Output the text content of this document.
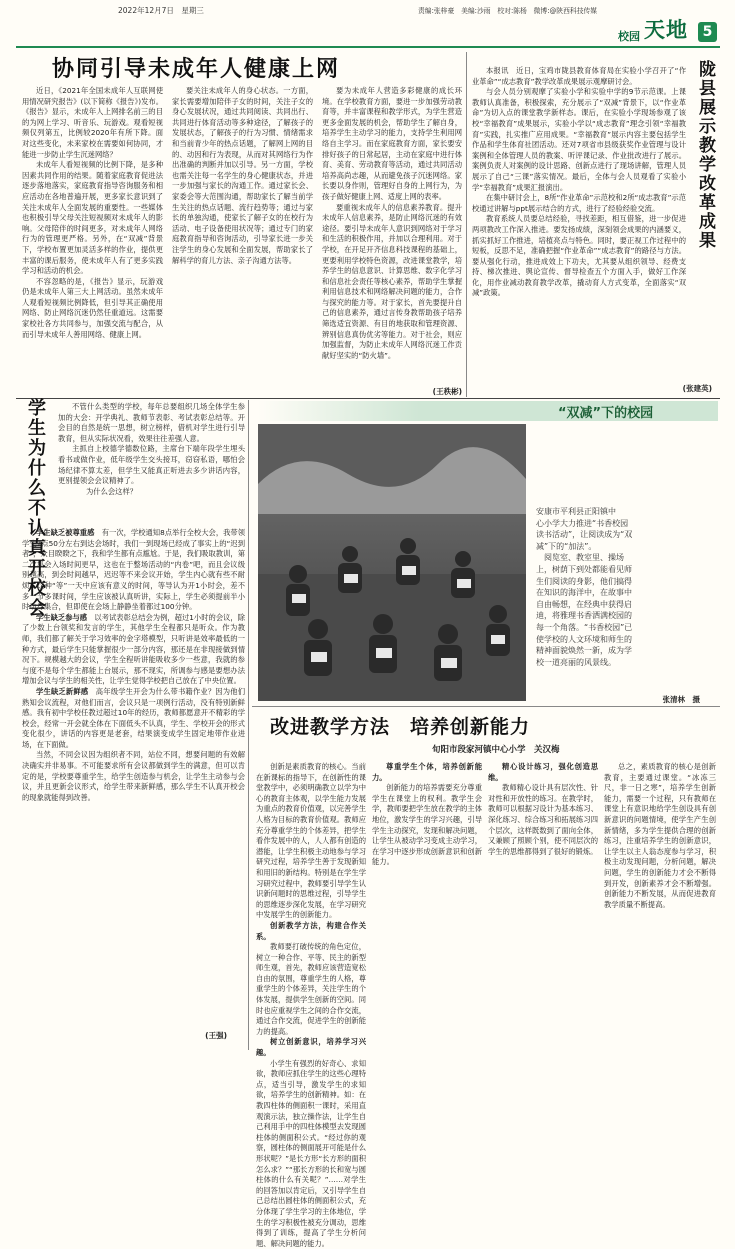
2022年12月7日　星期三	责编:张梓豪　美编:沙雨　校对:陈杨　微博:@陕西科技传媒
校园 天地	5
协同引导未成年人健康上网

近日，《2021年全国未成年人互联网使用情况研究报告》(以下简称《报告》)发布。《报告》显示，未成年人上网排名前三的目的为网上学习、听音乐、玩游戏。观看短视频仅列第五，比例较2020年有所下降。面对这些变化，未来家校在需要如何协同，才能进一步防止学生沉迷网络？

未成年人看短视频的比例下降，是多种因素共同作用的结果。随着家庭教育促进法逐步落地落实，家庭教育指导咨询服务和相应活动在各地普遍开展，更多家长意识到了关注未成年人全面发展的重要性。一些媒体也积极引导父母关注短视频对未成年人的影响。父母陪伴的时间更多，对未成年人网络行为的管理更严格。另外，在“双减”背景下，学校布置更加灵活多样的作业，提供更丰富的课后服务，使未成年人有了更多实践学习和活动的机会。

不容忽略的是，《报告》显示，玩游戏仍是未成年人第三大上网活动。虽然未成年人观看短视频比例降低，但引导其正确使用网络、防止网络沉迷仍然任重道远。这需要家校社各方共同参与，加强交流与配合，从而引导未成年人善用网络、健康上网。

要关注未成年人的身心状态。一方面，家长需要增加陪伴子女的时间，关注子女的身心发展状况，通过共同阅读、共同出行、共同进行体育活动等多种途径，了解孩子的发展状态，了解孩子的行为习惯、情绪需求和当前青少年的热点话题，了解网上网的目的、动因和行为表现，从而对其网络行为作出准确的判断并加以引导。另一方面，学校也需关注每一名学生的身心健康状态，并进一步加强与家长的沟通工作。通过家长会、家委会等大范围沟通，帮助家长了解当前学生关注的热点话题、流行趋势等；通过与家长的单独沟通，使家长了解子女的在校行为活动、电子设备使用状况等；通过专门的家庭教育指导和咨询活动，引导家长进一步关注学生的身心发展和全面发展，帮助家长了解科学的育儿方法、亲子沟通方法等。

要为未成年人营造多彩健康的成长环境。在学校教育方面，要进一步加强劳动教育等，并丰富课程和教学形式，为学生营造更多金面发展的机会，帮助学生了解自身，培养学生主动学习的能力，支持学生利用网络自主学习。而在家庭教育方面，家长要安排好孩子的日常起居，主动在家庭中进行体育、美育、劳动教育等活动，通过共同活动培养高尚志趣，从而避免孩子沉迷网络。家长要以身作则，管理好自身的上网行为，为孩子做好健康上网、适度上网的表率。

要重视未成年人的信息素养教育。提升未成年人信息素养，是防止网络沉迷的有效途径。要引导未成年人意识到网络对于学习和生活的积极作用，并加以合理利用。对于学校，在开足开齐信息科技课程的基础上，更要利用学校特色资源，改进课堂教学，培养学生的信息意识、计算思维、数字化学习和信息社会责任等核心素养，帮助学生掌握利用信息技术和网络解决问题的能力，合作与探究的能力等。对于家长，首先要提升自己的信息素养，通过言传身教帮助孩子培养筛选适宜资源、有目的地获取和管理资源、辨别信息真伪优劣等能力。对于社会，则应加强监督，为防止未成年人网络沉迷工作贡献好坚实的“防火墙”。

(王秩彬)
陇县展示教学改革成果

本报讯　近日，宝鸡市陇县教育体育局在实验小学召开了“作业革命”“成志教育”教学改革成果展示观摩研讨会。

与会人员分别观摩了实验小学和实验中学的9节示范课。上课教师认真准备，积极探索，充分展示了“双减”背景下，以“作业革命”为切入点的课堂教学新样态。课后，在实验小学现场参观了该校“幸福教育”成果展示，实验小学以“成志教育”理念引领“幸福教育”实践，扎实推广应用成果。“幸福教育”展示内容主要包括学生作品和学生体育社团活动。还对7项省市县级获奖作业管理与设计案例和全体管理人员的教案、听评课记录、作业批改进行了展示。案例负责人对案例的设计思路、创新点进行了现场讲解，管理人员展示了自己“三课”落实情况。最后，全体与会人员观看了实验小学“幸福教育”成果汇报演出。

在集中研讨会上，8所“作业革命”示范校和2所“成志教育”示范校通过讲解与ppt展示结合的方式，进行了经验经验交流。

教育系统人员要总结经验，寻找差距，相互借鉴，进一步促进两项教改工作深入推进。要发扬成绩，深刻领会成果的内涵要义，抓实抓好工作推进，培植亮点与特色。同时，要正视工作过程中的短板，反思不足，准确把握“作业革命”“成志教育”的路径与方法。要从强化行动，推进成效上下功夫，尤其要从组织领导、经费支持、梯次推进、舆论宣传、督导检查五个方面入手，做好工作深化，用作业减动教育教学改革，撬动育人方式变革，全面落实“双减”政策。

(张建英)
学生为什么不认真开校会	不管什么类型的学校，每年总要组织几场全体学生参加的大会：开学典礼、教师节表彰、考试表彰总结等。开会目的自然是统一思想，树立榜样，借机对学生进行引导教育，但从实际状况看，效果往往差强人意。

主抓自上校德学德数位路，主席台下端年段学生埋头看书或做作业，低年级学生交头接耳，窃窃私语，哪怕会场纪律不算太差，但学生又能真正听进去多少讲话内容，更别提领会会议精神了。

为什么会这样？

学生缺乏被尊重感　 有一次，学校通知8点举行全校大会，我带领学生7点50分左右到达会场时，我们一到现场已经成了事实上的“迟到者”，众目睽睽之下，我和学生都有点尴尬。于是，我们吸取教训，第二次集会入场时间更早，这也在于整场活动的“内卷”吧，而且会议级别越高，到会时间越早，迟迟等不来会议开始，学生内心就有些不耐烦，这种“等”一天中应该有意义的时间，等导认为开1小时会，差不多一节多课时间，学生应该被认真听讲，实际上，学生必须提前半小时动身集合，但即使在会场上静静坐着都过100分钟。

学生缺乏参与感　 以考试表彰总结会为例，超过1小时的会议，除了少数上台领奖和发言的学生，其他学生全程都只是听众。作为教师，我们都了解关于学习效率的金字塔模型，只听讲是效率最低的一种方式，最后学生只能掌握很少一部分内容，那还是在非现接做到情况下。规模越大的会议，学生全程听讲能吸收多少一些意，我就的参与度不是每个学生都能上台展示，那不现实，所调参与感是要想办法增加会议与学生的相关性，让学生觉得学校把自己放在了中央位置。

学生缺乏新鲜感　 高年级学生开会为什么带书籍作业？因为他们熟知会议流程，对他们而言，会议只是一项例行活动，没有特别新鲜感。我有初中学校任教过超过10年的经历，教师都愿意开不精彩的学校会，经常一开会就全体在下面低头不认真，学生、学校开会的形式变化很少，讲话的内容更是老套，结果演变成学生固定地带作业进场，在下面做。

当然，不同会议因为组织者不同，站位不同，想要问题的有效解决确实并非易事。不可能要求所有会议都做到学生的满意，但可以肯定的是，学校要尊重学生，给学生创造参与机会，让学生主动参与会议，并且更新会议形式，给学生带来新鲜感，那么学生不认真开校会的现象就能得到改善。

(王强)
“双减”下的校园
安康市平利县正阳镇中
心小学大力推进“书香校园
读书活动”，让阅读成为“双
减”下的“加法”。
　阅览室、教室里、操场
上，树荫下到处都能看见师
生们阅读的身影，他们搞得
在知识的海洋中，在故事中
自由畅想，在经典中获得启
迪，将雅理书香洒满校园的
每一个角落。“书香校园”已
使学校的人文环境和师生的
精神面貌焕然一新，成为学
校一道亮丽的风景线。
张清林　摄
改进教学方法　培养创新能力
旬阳市段家河镇中心小学　关汉梅

创新是素质教育的核心。当前在新课标的指导下，在创新性的课堂教学中，必须明确教立以学为中心的教育主体观，以学生能力发展为重点的教育价值观，以完善学生人格为目标的教育价值观。教师应充分尊重学生的个体差异，把学生看作发展中的人，人人都有创造的潜能，让学生积极主动地参与学习研究过程，培养学生善于发现新知和用旧的新结构。特别是在学生学习研究过程中，教师要引导学生认识新问题时的思维过程，引导学生的思维逐步深化发展，在学习研究中发展学生的创新能力。

创新教学方法，构建合作关系。

教师要打破传统的角色定位，树立一种合作、平等、民主的新型师生观，首先，教师应该营造宽松自由的氛围，尊重学生的人格，尊重学生的个体差异，关注学生的个体发展，提供学生创新的空间。同时也应重视学生之间的合作交流，通过合作交流，促进学生的创新能力的提高。

树立创新意识，培养学习兴趣。

小学生有强烈的好奇心、求知欲，教师应抓住学生的这些心理特点，适当引导，激发学生的求知欲，培养学生的创新精神。如：在教四柱体的侧面积一课时，采用直观演示法，独立操作法，让学生自己利用手中的四柱体模型去发现圆柱体的侧面积公式。“经过你的观察，圆柱体的侧面展开可能是什么形状呢？”是长方形“长方形的面积怎么求？”“那长方形的长和宽与圆柱体的什么有关呢？”……对学生的回答加以肯定后，又引导学生自己总结出圆柱体的侧面积公式，充分体现了学生学习的主体地位，学生的学习积极性被充分调动，思维得到了训练，提高了学生分析问题、解决问题的能力。

尊重学生个体，培养创新能力。

创新能力的培养需要充分尊重学生在课堂上的权利。教学生会学，教师要把学生放在教学的主体地位，激发学生的学习兴趣，引导学生主动探究，发现和解决问题，让学生从被动学习变成主动学习，在学习中逐步形成创新意识和创新能力。

精心设计练习，强化创造思维。

教师精心设计具有层次性、针对性和开放性的练习。在教学时，教师可以根据习设计为基本练习、深化练习、综合练习和拓展练习四个层次，这样既数到了面向全体，又兼顾了照顾个别，使不同层次的学生的思维都得到了很好的锻炼。

总之，素质教育的核心是创新教育，主要通过课堂。“冰冻三尺，非一日之寒”，培养学生创新能力，需要一个过程，只有教师在课堂上有意识地给学生创设具有创新意识的问题情境，使学生产生创新情绪，多为学生提供合理的创新练习，注重培养学生的创新意识，让学生以主人翁态度参与学习，积极主动发现问题，分析问题，解决问题，学生的创新能力才会不断得到开发，创新素养才会不断增强。创新能力不断发展，从而促进教育教学质量不断提高。
